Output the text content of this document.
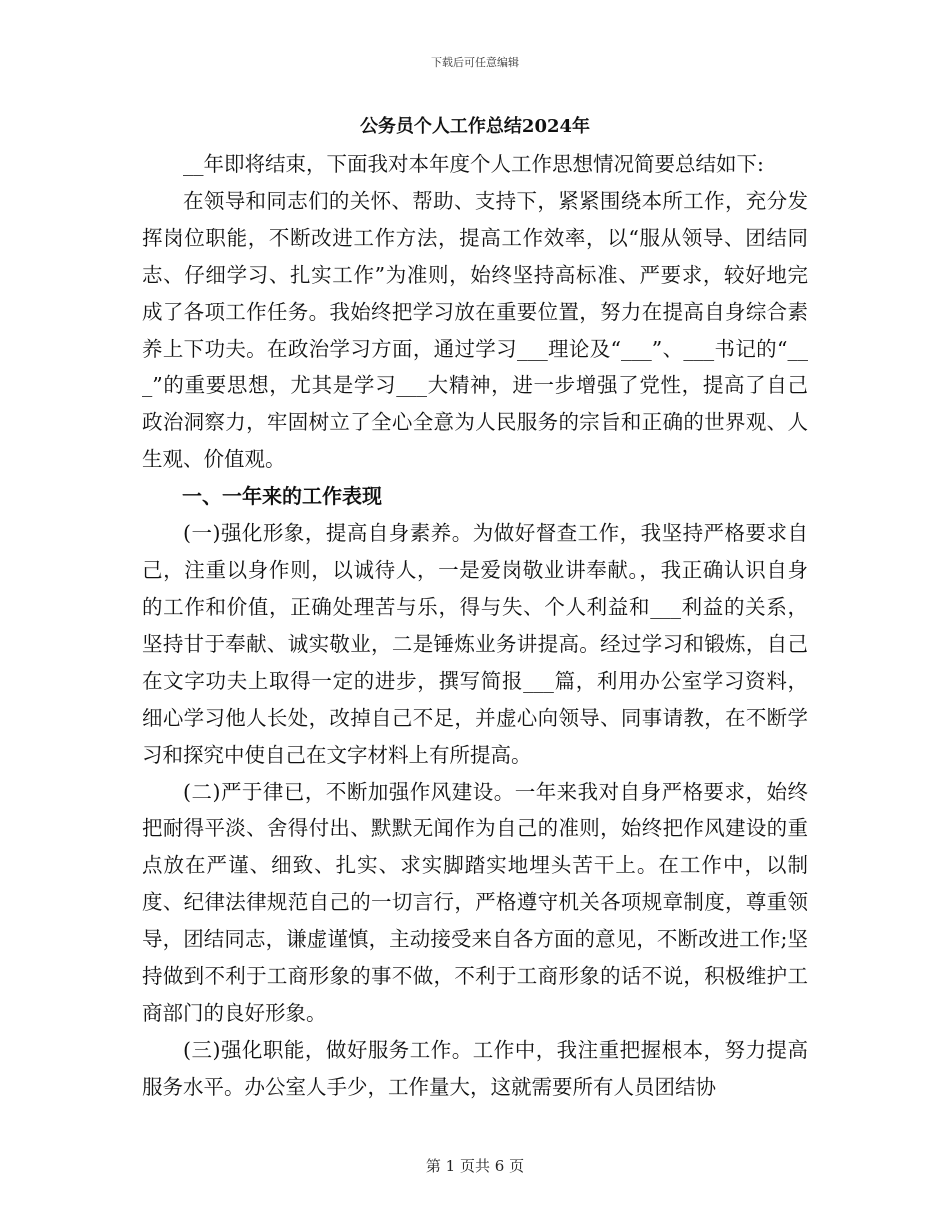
下载后可任意编辑
公务员个人工作总结2024年

__年即将结束，下面我对本年度个人工作思想情况简要总结如下:

在领导和同志们的关怀、帮助、支持下，紧紧围绕本所工作，充分发挥岗位职能，不断改进工作方法，提高工作效率，以“服从领导、团结同志、仔细学习、扎实工作”为准则，始终坚持高标准、严要求，较好地完成了各项工作任务。我始终把学习放在重要位置，努力在提高自身综合素养上下功夫。在政治学习方面，通过学习___理论及“___”、___书记的“___”的重要思想，尤其是学习___大精神，进一步增强了党性，提高了自己政治洞察力，牢固树立了全心全意为人民服务的宗旨和正确的世界观、人生观、价值观。

一、一年来的工作表现

(一)强化形象，提高自身素养。为做好督查工作，我坚持严格要求自己，注重以身作则，以诚待人，一是爱岗敬业讲奉献。，我正确认识自身的工作和价值，正确处理苦与乐，得与失、个人利益和___利益的关系，坚持甘于奉献、诚实敬业，二是锤炼业务讲提高。经过学习和锻炼，自己在文字功夫上取得一定的进步，撰写简报___篇，利用办公室学习资料，细心学习他人长处，改掉自己不足，并虚心向领导、同事请教，在不断学习和探究中使自己在文字材料上有所提高。

(二)严于律已，不断加强作风建设。一年来我对自身严格要求，始终把耐得平淡、舍得付出、默默无闻作为自己的准则，始终把作风建设的重点放在严谨、细致、扎实、求实脚踏实地埋头苦干上。在工作中，以制度、纪律法律规范自己的一切言行，严格遵守机关各项规章制度，尊重领导，团结同志，谦虚谨慎，主动接受来自各方面的意见，不断改进工作;坚持做到不利于工商形象的事不做，不利于工商形象的话不说，积极维护工商部门的良好形象。

(三)强化职能，做好服务工作。工作中，我注重把握根本，努力提高服务水平。办公室人手少，工作量大，这就需要所有人员团结协

第 1 页共 6 页
